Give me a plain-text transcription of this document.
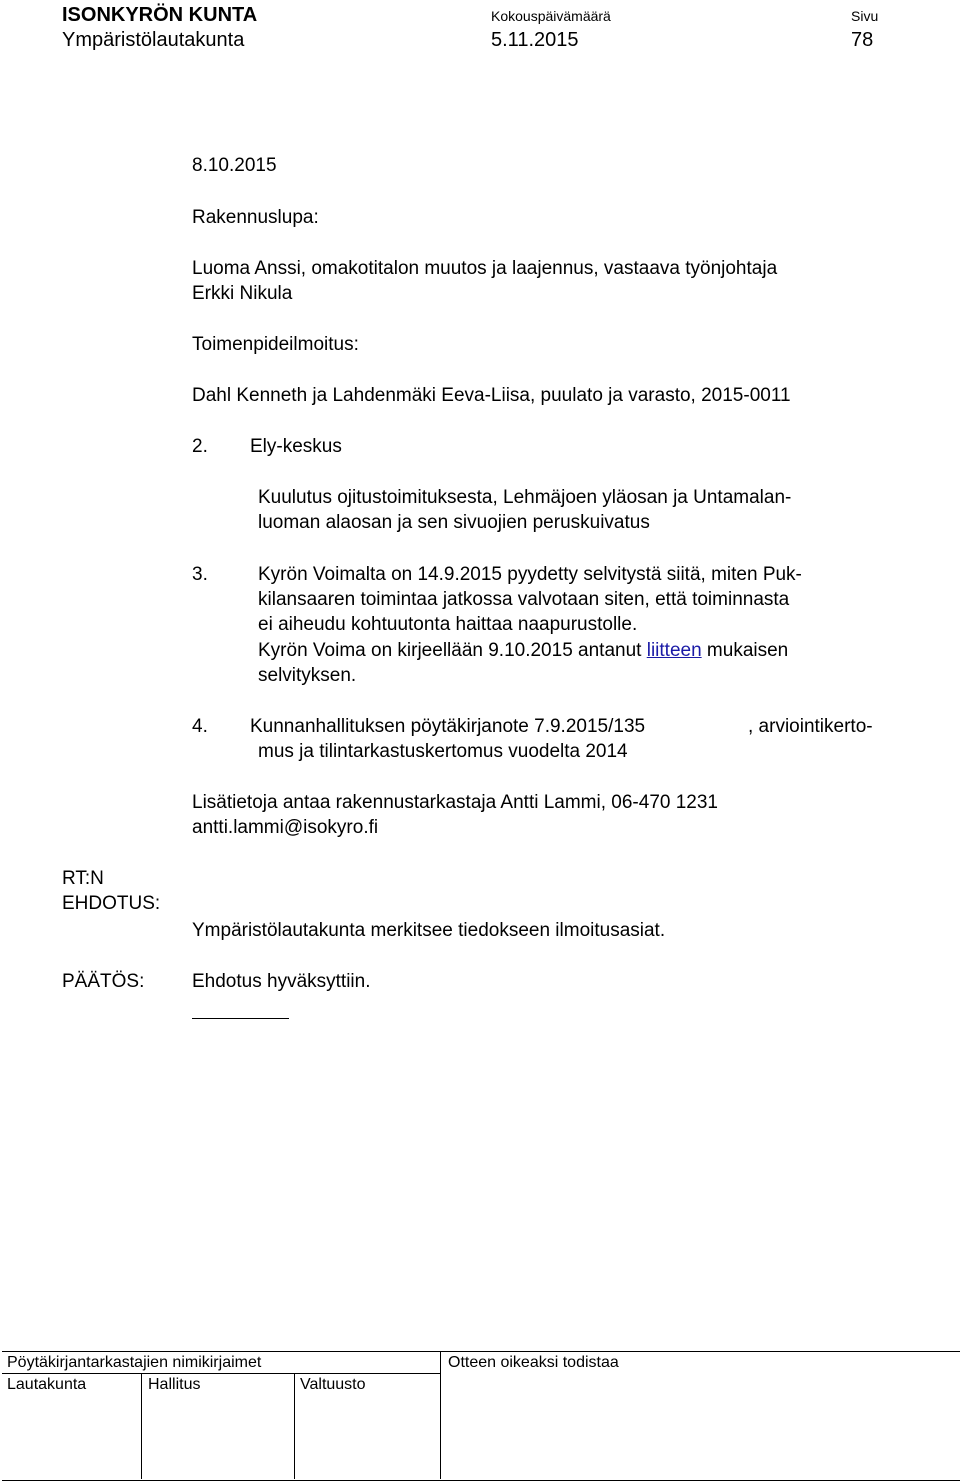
ISONKYRÖN KUNTA
Ympäristölautakunta
Kokouspäivämäärä
5.11.2015
Sivu
78
8.10.2015
Rakennuslupa:
Luoma Anssi, omakotitalon muutos ja laajennus, vastaava työnjohtaja
Erkki Nikula
Toimenpideilmoitus:
Dahl Kenneth ja Lahdenmäki Eeva-Liisa, puulato ja varasto, 2015-0011
2. Ely-keskus
Kuulutus ojitustoimituksesta, Lehmäjoen yläosan ja Untamalan-
luoman alaosan ja sen sivuojien peruskuivatus
3.	Kyrön Voimalta on 14.9.2015 pyydetty selvitystä siitä, miten Puk-
kilansaaren toimintaa jatkossa valvotaan siten, että toiminnasta
ei aiheudu kohtuutonta haittaa naapurustolle.
Kyrön Voima on kirjeellään 9.10.2015 antanut liitteen mukaisen
selvityksen.
4. Kunnanhallituksen pöytäkirjanote 7.9.2015/135	, arviointikerto-
mus ja tilintarkastuskertomus vuodelta 2014
Lisätietoja antaa rakennustarkastaja Antti Lammi, 06-470 1231
antti.lammi@isokyro.fi
RT:N
EHDOTUS:
Ympäristölautakunta merkitsee tiedokseen ilmoitusasiat.
PÄÄTÖS:	Ehdotus hyväksyttiin.
Pöytäkirjantarkastajien nimikirjaimet	Otteen oikeaksi todistaa
Lautakunta	Hallitus	Valtuusto
